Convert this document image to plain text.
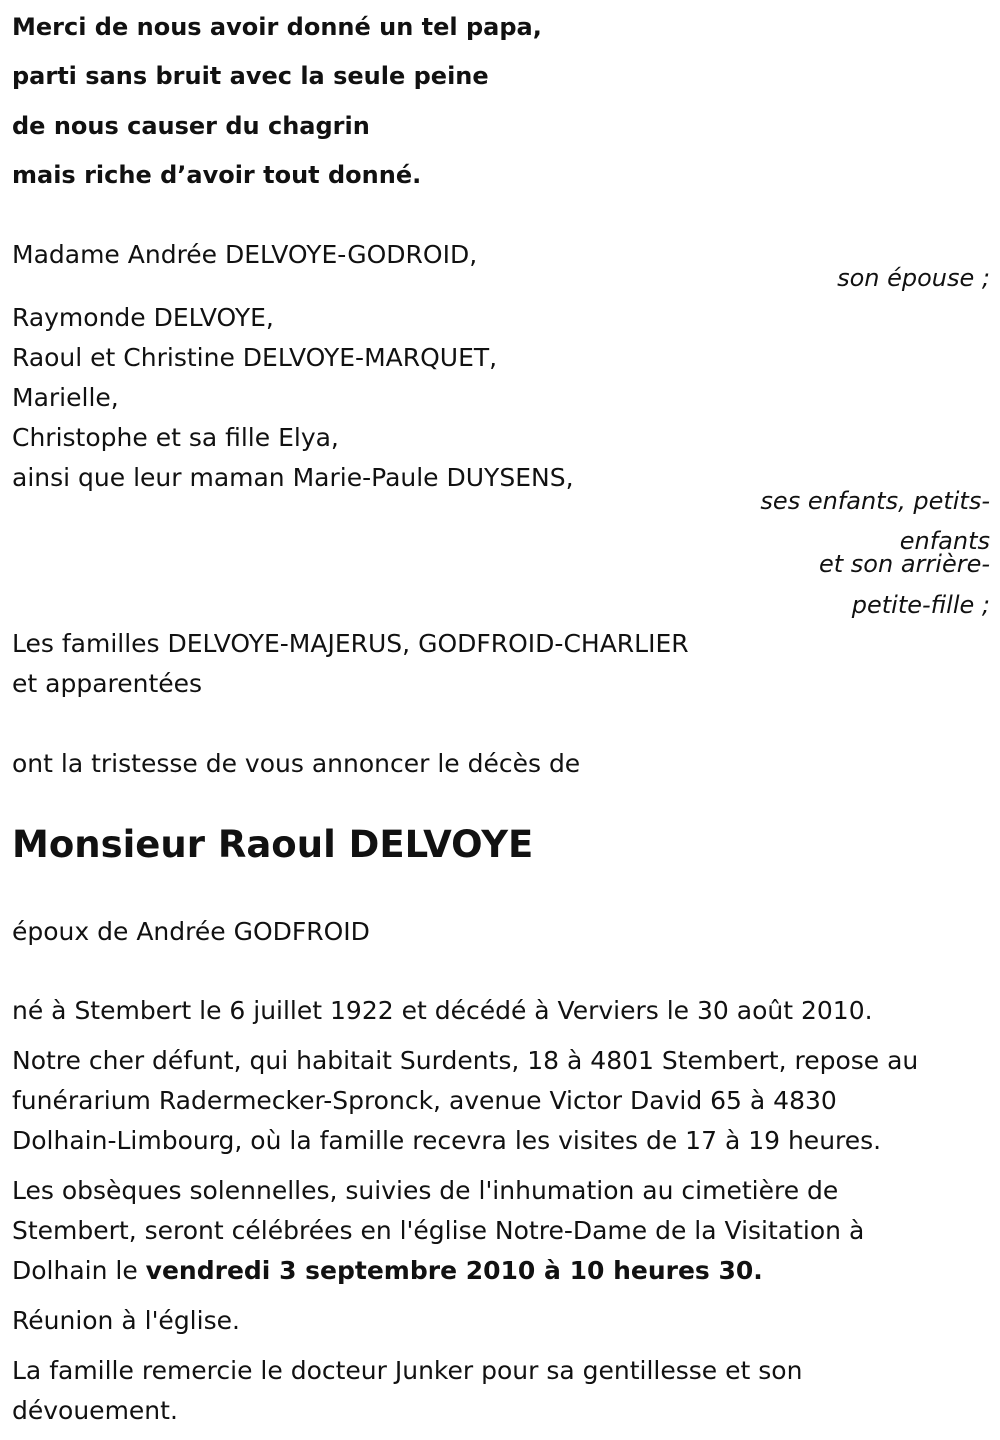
Merci de nous avoir donné un tel papa,

parti sans bruit avec la seule peine

de nous causer du chagrin

mais riche d’avoir tout donné.

Madame Andrée DELVOYE-GODROID,

son épouse ;

Raymonde DELVOYE,

Raoul et Christine DELVOYE-MARQUET,

Marielle,

Christophe et sa fille Elya,

ainsi que leur maman Marie-Paule DUYSENS,

ses enfants, petits-

enfants

et son arrière-

petite-fille ;

Les familles DELVOYE-MAJERUS, GODFROID-CHARLIER

et apparentées

ont la tristesse de vous annoncer le décès de

Monsieur Raoul DELVOYE

époux de Andrée GODFROID

né à Stembert le 6 juillet 1922 et décédé à Verviers le 30 août 2010.

Notre cher défunt, qui habitait Surdents, 18 à 4801 Stembert, repose au

funérarium Radermecker-Spronck, avenue Victor David 65 à 4830

Dolhain-Limbourg, où la famille recevra les visites de 17 à 19 heures.

Les obsèques solennelles, suivies de l'inhumation au cimetière de

Stembert, seront célébrées en l'église Notre-Dame de la Visitation à

Dolhain le vendredi 3 septembre 2010 à 10 heures 30.

Réunion à l'église.

La famille remercie le docteur Junker pour sa gentillesse et son

dévouement.
